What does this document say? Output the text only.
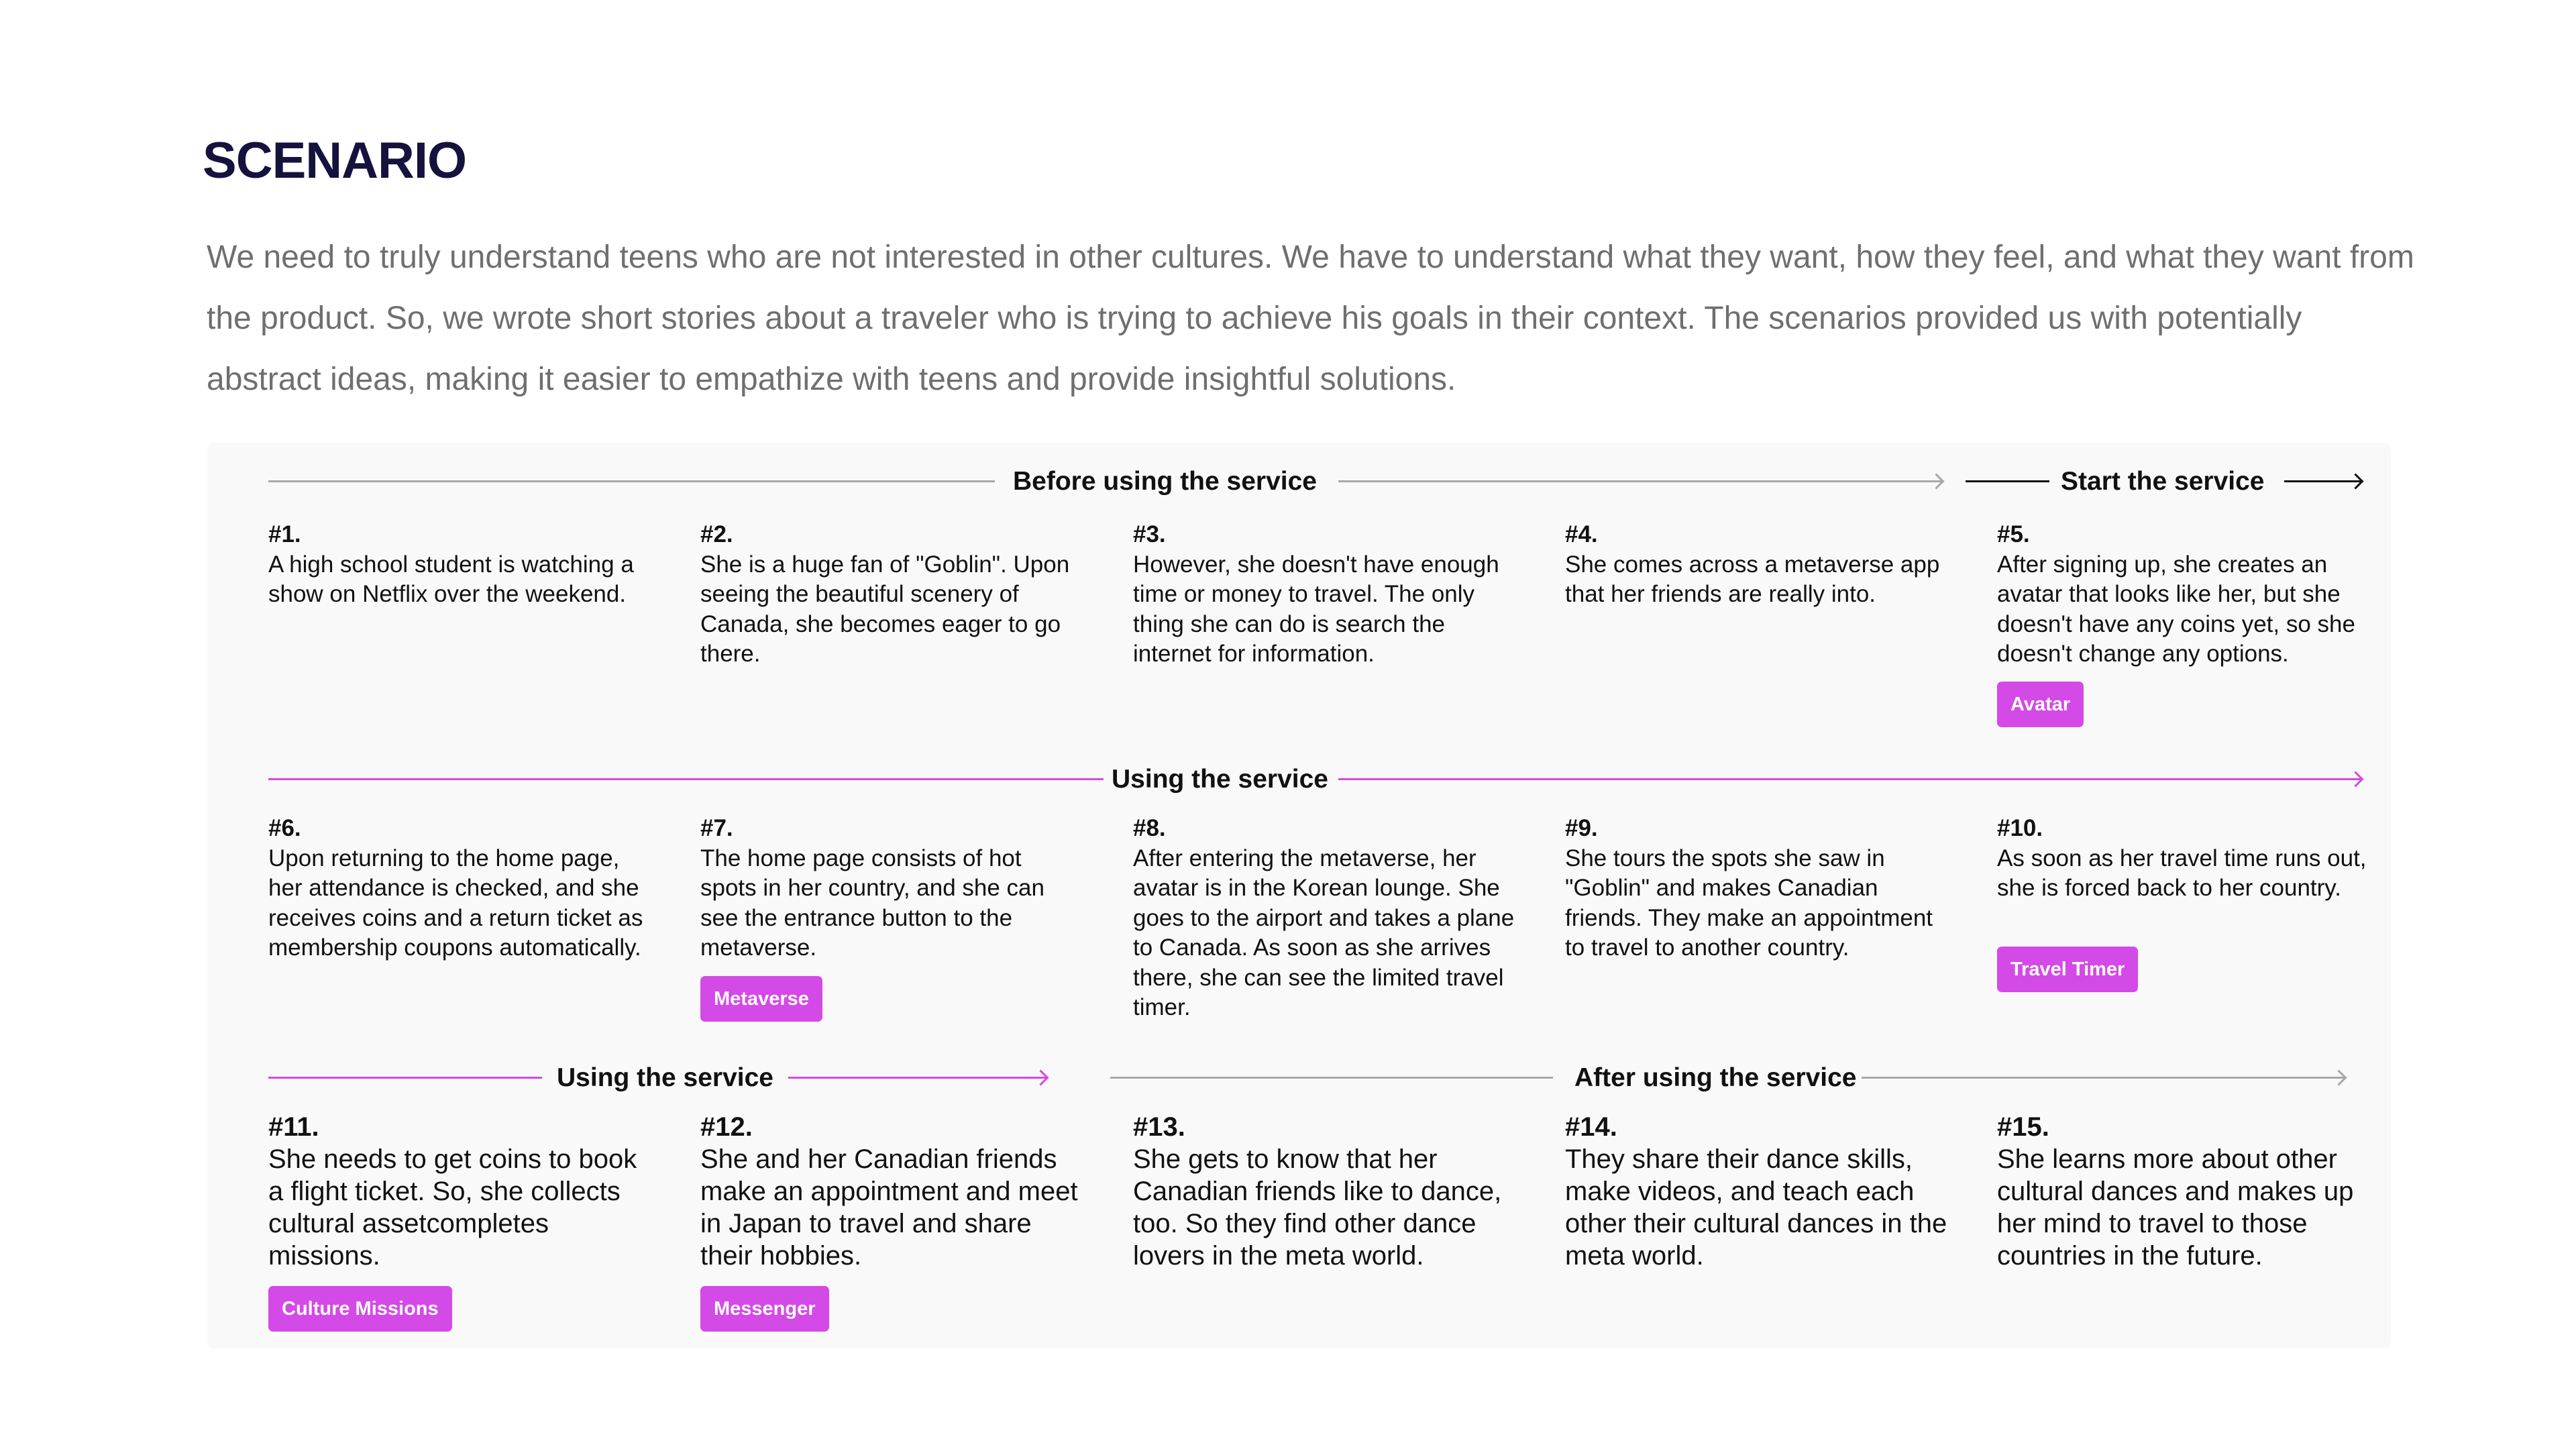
SCENARIO

We need to truly understand teens who are not interested in other cultures. We have to understand what they want, how they feel, and what they want from the product. So, we wrote short stories about a traveler who is trying to achieve his goals in their context. The scenarios provided us with potentially abstract ideas, making it easier to empathize with teens and provide insightful solutions.

Before using the service	Start the service
#1.
A high school student is watching a show on Netflix over the weekend.
#2.
She is a huge fan of "Goblin". Upon seeing the beautiful scenery of Canada, she becomes eager to go there.
#3.
However, she doesn't have enough time or money to travel. The only thing she can do is search the internet for information.
#4.
She comes across a metaverse app that her friends are really into.
#5.
After signing up, she creates an avatar that looks like her, but she doesn't have any coins yet, so she doesn't change any options.
Avatar
Using the service
#6.
Upon returning to the home page, her attendance is checked, and she receives coins and a return ticket as membership coupons automatically.
#7.
The home page consists of hot spots in her country, and she can see the entrance button to the metaverse.
Metaverse
#8.
After entering the metaverse, her avatar is in the Korean lounge. She goes to the airport and takes a plane to Canada. As soon as she arrives there, she can see the limited travel timer.
#9.
She tours the spots she saw in "Goblin" and makes Canadian friends. They make an appointment to travel to another country.
#10.
As soon as her travel time runs out, she is forced back to her country.
Travel Timer
Using the service	After using the service
#11.
She needs to get coins to book a flight ticket. So, she collects cultural assetcompletes missions.
Culture Missions
#12.
She and her Canadian friends make an appointment and meet in Japan to travel and share their hobbies.
Messenger
#13.
She gets to know that her Canadian friends like to dance, too. So they find other dance lovers in the meta world.
#14.
They share their dance skills, make videos, and teach each other their cultural dances in the meta world.
#15.
She learns more about other cultural dances and makes up her mind to travel to those countries in the future.
